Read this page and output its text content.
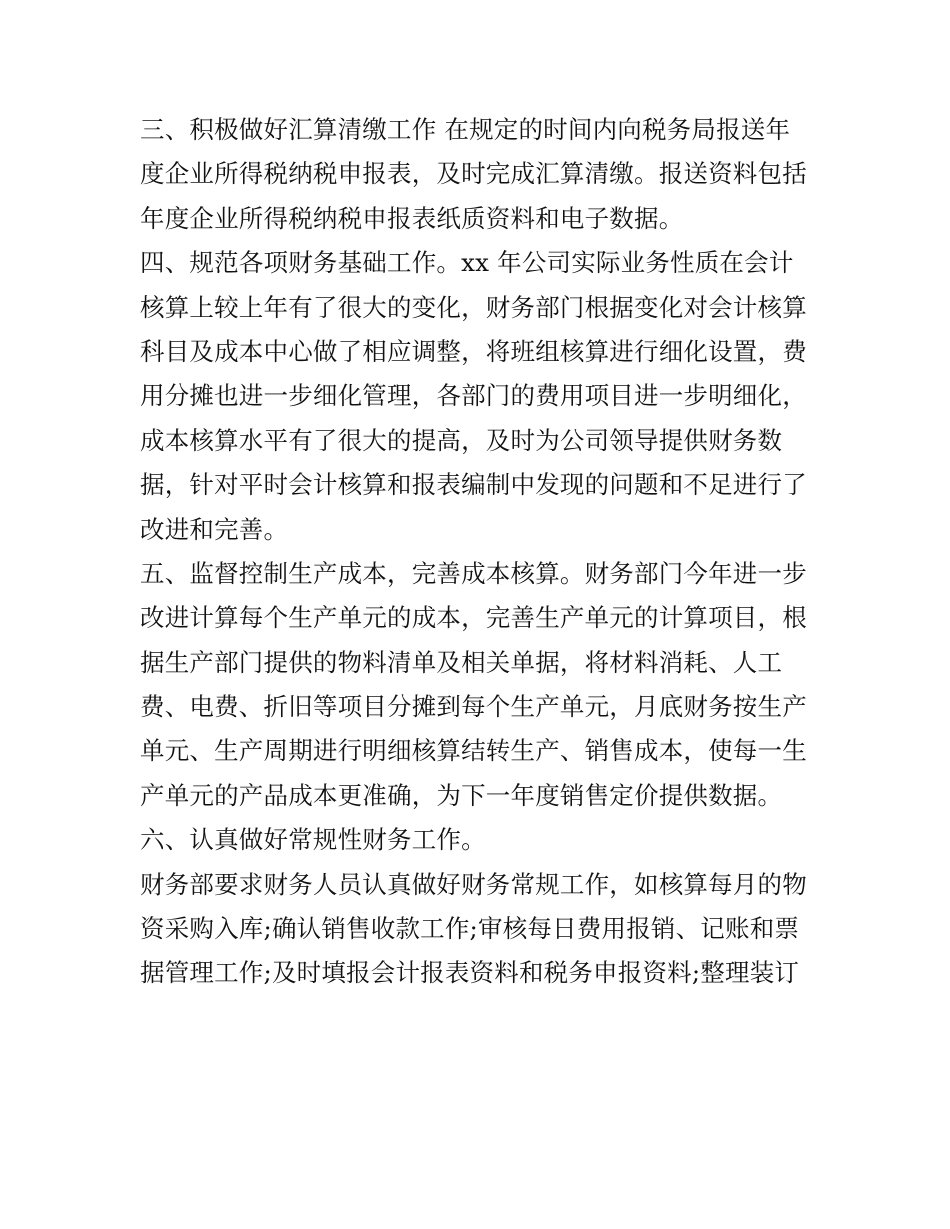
三、积极做好汇算清缴工作 在规定的时间内向税务局报送年
度企业所得税纳税申报表，及时完成汇算清缴。报送资料包括
年度企业所得税纳税申报表纸质资料和电子数据。
四、规范各项财务基础工作。xx 年公司实际业务性质在会计
核算上较上年有了很大的变化，财务部门根据变化对会计核算
科目及成本中心做了相应调整，将班组核算进行细化设置，费
用分摊也进一步细化管理，各部门的费用项目进一步明细化，
成本核算水平有了很大的提高，及时为公司领导提供财务数
据，针对平时会计核算和报表编制中发现的问题和不足进行了
改进和完善。
五、监督控制生产成本，完善成本核算。财务部门今年进一步
改进计算每个生产单元的成本，完善生产单元的计算项目，根
据生产部门提供的物料清单及相关单据，将材料消耗、人工
费、电费、折旧等项目分摊到每个生产单元，月底财务按生产
单元、生产周期进行明细核算结转生产、销售成本，使每一生
产单元的产品成本更准确，为下一年度销售定价提供数据。
六、认真做好常规性财务工作。
财务部要求财务人员认真做好财务常规工作，如核算每月的物
资采购入库;确认销售收款工作;审核每日费用报销、记账和票
据管理工作;及时填报会计报表资料和税务申报资料;整理装订
